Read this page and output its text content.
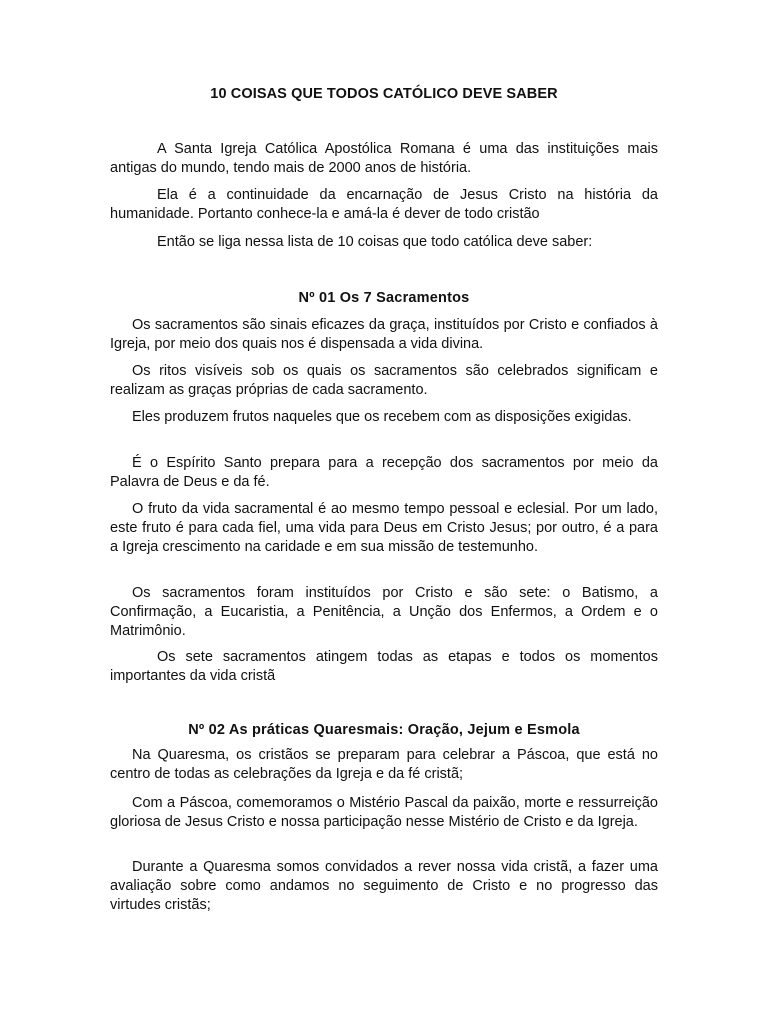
10 COISAS QUE TODOS CATÓLICO DEVE SABER

A Santa Igreja Católica Apostólica Romana é uma das instituições mais antigas do mundo, tendo mais de 2000 anos de história.

Ela é a continuidade da encarnação de Jesus Cristo na história da humanidade. Portanto conhece-la e amá-la é dever de todo cristão

Então se liga nessa lista de 10 coisas que todo católica deve saber:

Nº 01 Os 7 Sacramentos

Os sacramentos são sinais eficazes da graça, instituídos por Cristo e confiados à Igreja, por meio dos quais nos é dispensada a vida divina.

Os ritos visíveis sob os quais os sacramentos são celebrados significam e realizam as graças próprias de cada sacramento.

Eles produzem frutos naqueles que os recebem com as disposições exigidas.

É o Espírito Santo prepara para a recepção dos sacramentos por meio da Palavra de Deus e da fé.

O fruto da vida sacramental é ao mesmo tempo pessoal e eclesial. Por um lado, este fruto é para cada fiel, uma vida para Deus em Cristo Jesus; por outro, é a para a Igreja crescimento na caridade e em sua missão de testemunho.

Os sacramentos foram instituídos por Cristo e são sete: o Batismo, a Confirmação, a Eucaristia, a Penitência, a Unção dos Enfermos, a Ordem e o Matrimônio.

Os sete sacramentos atingem todas as etapas e todos os momentos importantes da vida cristã

Nº 02 As práticas Quaresmais: Oração, Jejum e Esmola

Na Quaresma, os cristãos se preparam para celebrar a Páscoa, que está no centro de todas as celebrações da Igreja e da fé cristã;

Com a Páscoa, comemoramos o Mistério Pascal da paixão, morte e ressurreição gloriosa de Jesus Cristo e nossa participação nesse Mistério de Cristo e da Igreja.

Durante a Quaresma somos convidados a rever nossa vida cristã, a fazer uma avaliação sobre como andamos no seguimento de Cristo e no progresso das virtudes cristãs;
